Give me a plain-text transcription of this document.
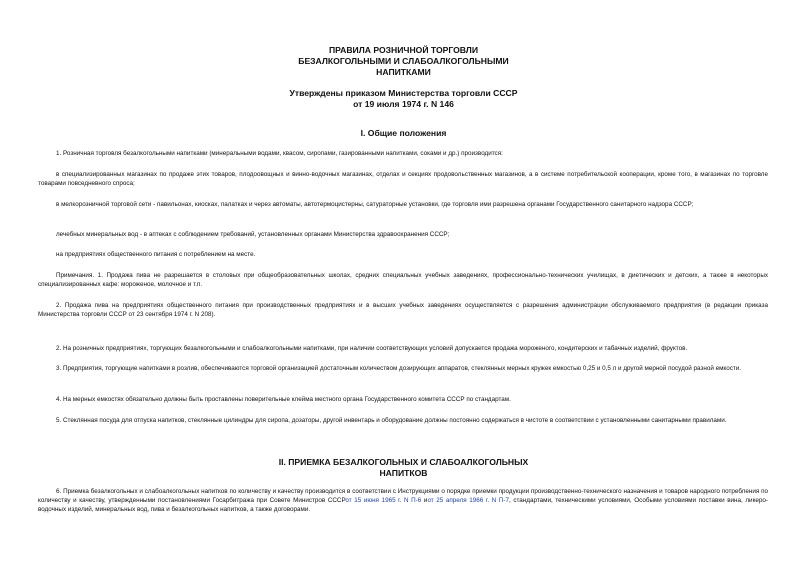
ПРАВИЛА РОЗНИЧНОЙ ТОРГОВЛИ
БЕЗАЛКОГОЛЬНЫМИ И СЛАБОАЛКОГОЛЬНЫМИ
НАПИТКАМИ
Утверждены приказом Министерства торговли СССР
от 19 июля 1974 г. N 146
I. Общие положения
1. Розничная торговля безалкогольными напитками (минеральными водами, квасом, сиропами, газированными напитками, соками и др.) производится:
в специализированных магазинах по продаже этих товаров, плодоовощных и винно-водочных магазинах, отделах и секциях продовольственных магазинов, а в системе потребительской кооперации, кроме того, в магазинах по торговле товарами повседневного спроса;
в мелкорозничной торговой сети - павильонах, киосках, палатках и через автоматы, автотермоцистерны, сатураторные установки, где торговля ими разрешена органами Государственного санитарного надзора СССР;
лечебных минеральных вод - в аптеках с соблюдением требований, установленных органами Министерства здравоохранения СССР;
на предприятиях общественного питания с потреблением на месте.
Примечания. 1. Продажа пива не разрешается в столовых при общеобразовательных школах, средних специальных учебных заведениях, профессионально-технических училищах, в диетических и детских, а также в некоторых специализированных кафе: мороженое, молочное и т.п.
2. Продажа пива на предприятиях общественного питания при производственных предприятиях и в высших учебных заведениях осуществляется с разрешения администрации обслуживаемого предприятия (в редакции приказа Министерства торговли СССР от 23 сентября 1974 г. N 208).
2. На розничных предприятиях, торгующих безалкогольными и слабоалкогольными напитками, при наличии соответствующих условий допускается продажа мороженого, кондитерских и табачных изделий, фруктов.
3. Предприятия, торгующие напитками в розлив, обеспечиваются торговой организацией достаточным количеством дозирующих аппаратов, стеклянных мерных кружек емкостью 0,25 и 0,5 л и другой мерной посудой разной емкости.
4. На мерных емкостях обязательно должны быть проставлены поверительные клейма местного органа Государственного комитета СССР по стандартам.
5. Стеклянная посуда для отпуска напитков, стеклянные цилиндры для сиропа, дозаторы, другой инвентарь и оборудование должны постоянно содержаться в чистоте в соответствии с установленными санитарными правилами.
II. ПРИЕМКА БЕЗАЛКОГОЛЬНЫХ И СЛАБОАЛКОГОЛЬНЫХ
НАПИТКОВ
6. Приемка безалкогольных и слабоалкогольных напитков по количеству и качеству производится в соответствии с Инструкциями о порядке приемки продукции производственно-технического назначения и товаров народного потребления по количеству и качеству, утвержденными постановлениями Госарбитража при Совете Министров СССРот 15 июня 1965 г. N П-6 иот 25 апреля 1966 г. N П-7, стандартами, техническими условиями, Особыми условиями поставки вина, ликеро-водочных изделий, минеральных вод, пива и безалкогольных напитков, а также договорами.
